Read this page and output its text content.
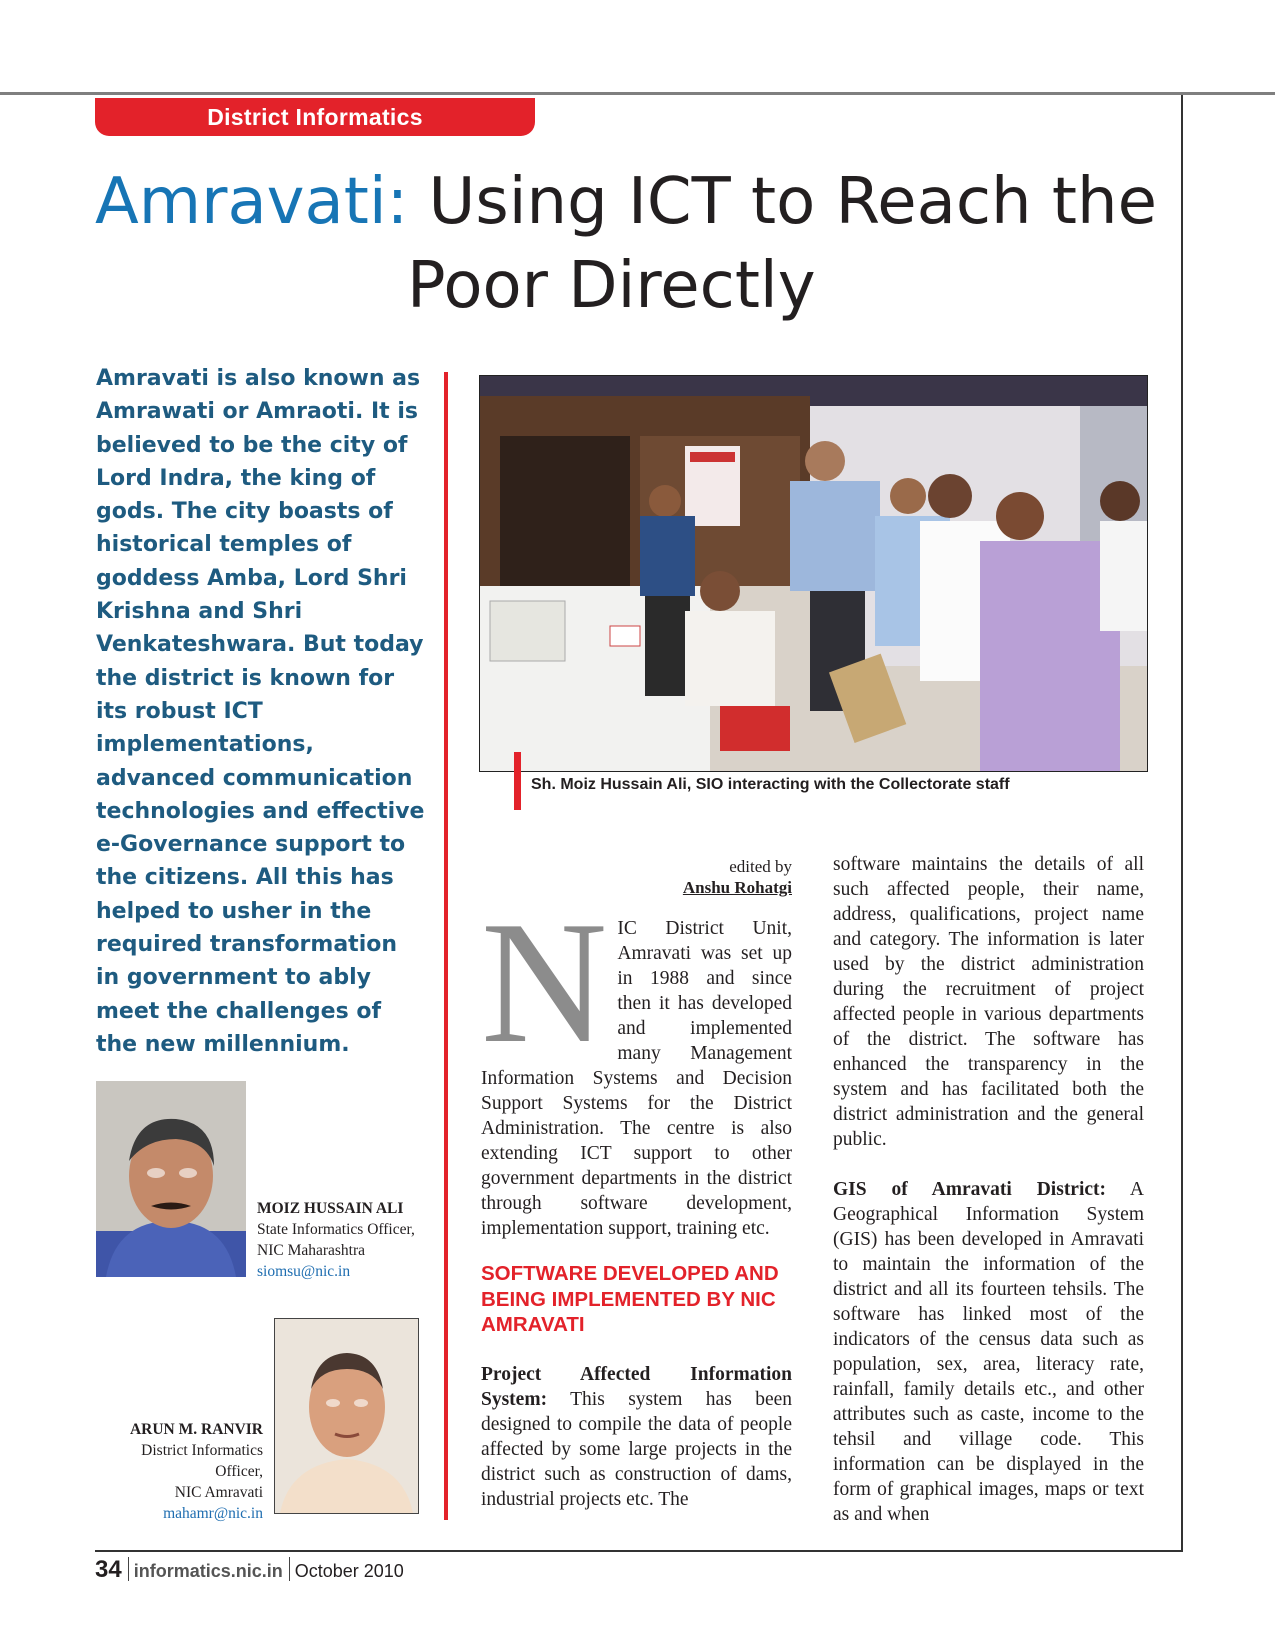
District Informatics
Amravati: Using ICT to Reach the
Poor Directly
Amravati is also known as Amrawati or Amraoti. It is believed to be the city of Lord Indra, the king of gods. The city boasts of historical temples of goddess Amba, Lord Shri Krishna and Shri Venkateshwara. But today the district is known for its robust ICT implementations, advanced communication technologies and effective e-Governance support to the citizens. All this has helped to usher in the required transformation in government to ably meet the challenges of the new millennium.
Sh. Moiz Hussain Ali, SIO interacting with the Collectorate staff
MOIZ HUSSAIN ALI
State Informatics Officer,
NIC Maharashtra
siomsu@nic.in
ARUN M. RANVIR
District Informatics
Officer,
NIC Amravati
mahamr@nic.in
edited by
Anshu Rohatgi

NIC District Unit, Amravati was set up in 1988 and since then it has developed and implemented many Management Information Systems and Decision Support Systems for the District Administration. The centre is also extending ICT support to other government departments in the district through software development, implementation support, training etc.

SOFTWARE DEVELOPED AND BEING IMPLEMENTED BY NIC AMRAVATI

Project Affected Information System: This system has been designed to compile the data of people affected by some large projects in the district such as construction of dams, industrial projects etc. The

software maintains the details of all such affected people, their name, address, qualifications, project name and category. The information is later used by the district administration during the recruitment of project affected people in various departments of the district. The software has enhanced the transparency in the system and has facilitated both the district administration and the general public.

GIS of Amravati District: A Geographical Information System (GIS) has been developed in Amravati to maintain the information of the district and all its fourteen tehsils. The software has linked most of the indicators of the census data such as population, sex, area, literacy rate, rainfall, family details etc., and other attributes such as caste, income to the tehsil and village code. This information can be displayed in the form of graphical images, maps or text as and when

34 informatics.nic.in October 2010
